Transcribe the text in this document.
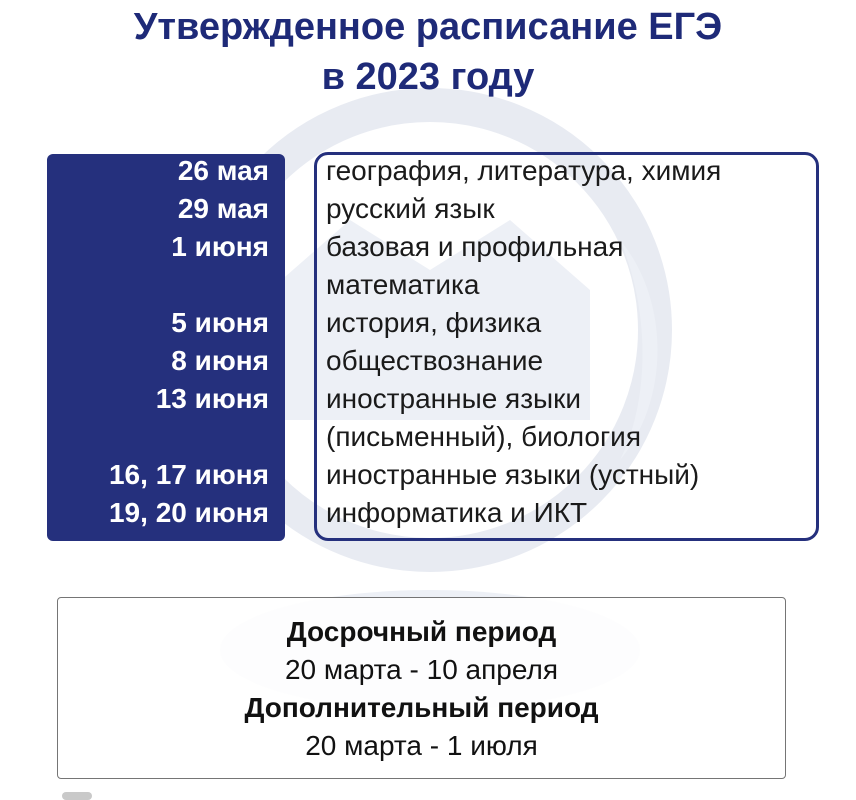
Утвержденное расписание ЕГЭ
в 2023 году
26 мая география, литература, химия
29 мая русский язык
1 июня базовая и профильная
математика
5 июня история, физика
8 июня обществознание
13 июня иностранные языки
(письменный), биология
16, 17 июня иностранные языки (устный)
19, 20 июня информатика и ИКТ
Досрочный период
20 марта - 10 апреля
Дополнительный период
20 марта - 1 июля
